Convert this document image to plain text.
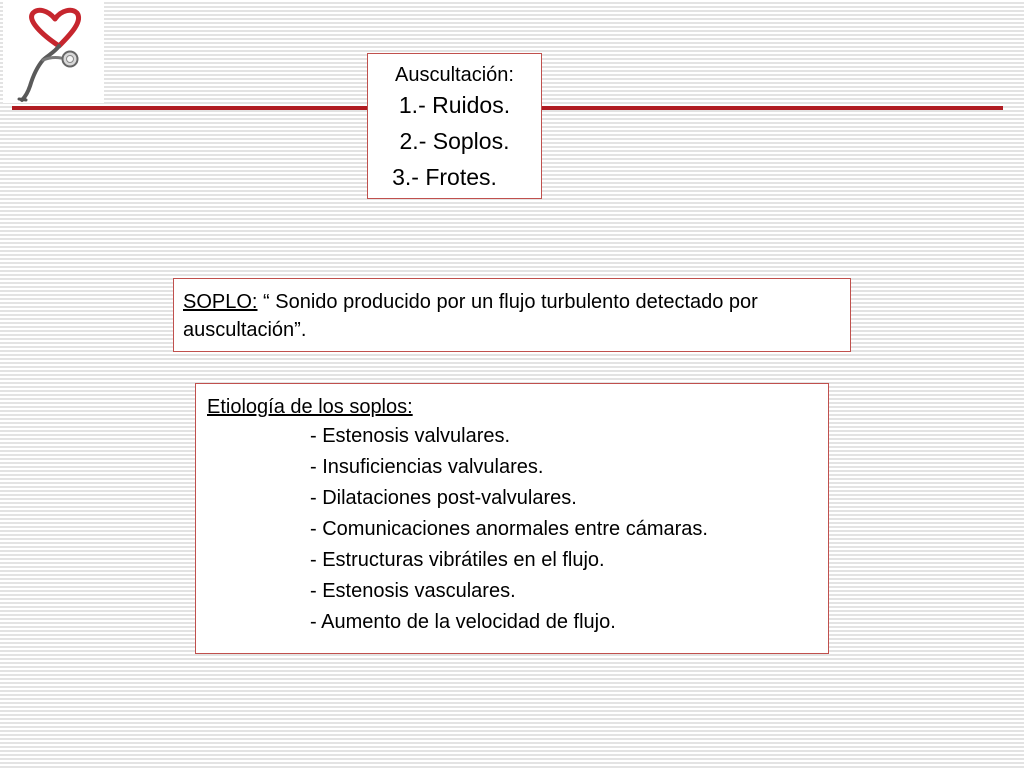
Auscultación:
1.- Ruidos.
2.- Soplos.
3.- Frotes.
SOPLO: “ Sonido producido por un flujo turbulento detectado por auscultación”.
Etiología de los soplos:
- Estenosis valvulares.
- Insuficiencias valvulares.
- Dilataciones post-valvulares.
- Comunicaciones anormales entre cámaras.
- Estructuras vibrátiles en el flujo.
- Estenosis vasculares.
- Aumento de la velocidad de flujo.
